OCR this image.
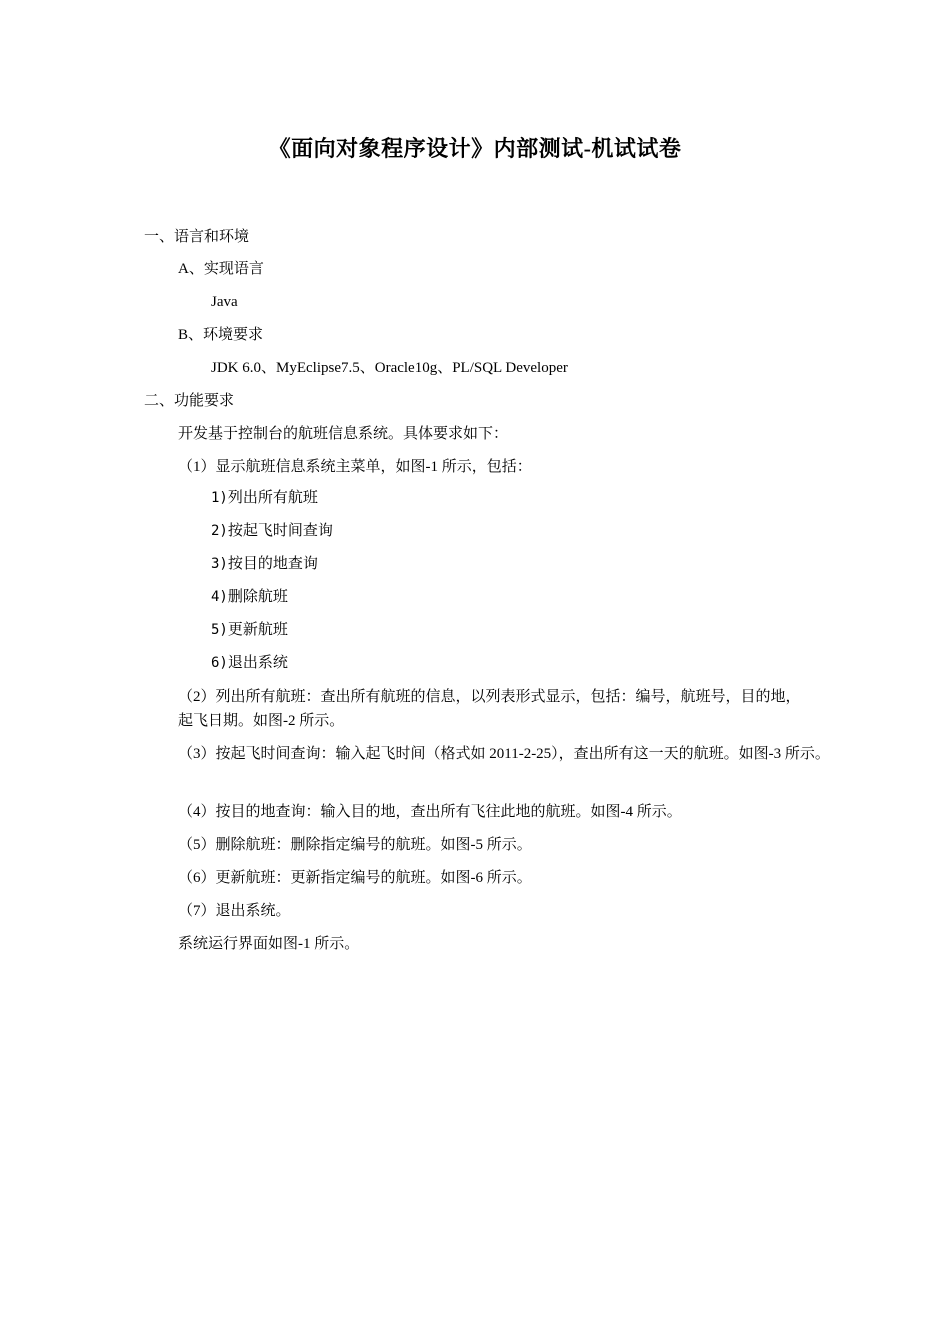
《面向对象程序设计》内部测试-机试试卷
一、语言和环境
A、实现语言
Java
B、环境要求
JDK 6.0、MyEclipse7.5、Oracle10g、PL/SQL Developer
二、功能要求
开发基于控制台的航班信息系统。具体要求如下：
（1）显示航班信息系统主菜单，如图-1 所示，包括：
1)列出所有航班
2)按起飞时间查询
3)按目的地查询
4)删除航班
5)更新航班
6)退出系统
（2）列出所有航班：查出所有航班的信息，以列表形式显示，包括：编号，航班号，目的地，起飞日期。如图-2 所示。
（3）按起飞时间查询：输入起飞时间（格式如 2011-2-25），查出所有这一天的航班。如图-3 所示。
（4）按目的地查询：输入目的地，查出所有飞往此地的航班。如图-4 所示。
（5）删除航班：删除指定编号的航班。如图-5 所示。
（6）更新航班：更新指定编号的航班。如图-6 所示。
（7）退出系统。
系统运行界面如图-1 所示。
